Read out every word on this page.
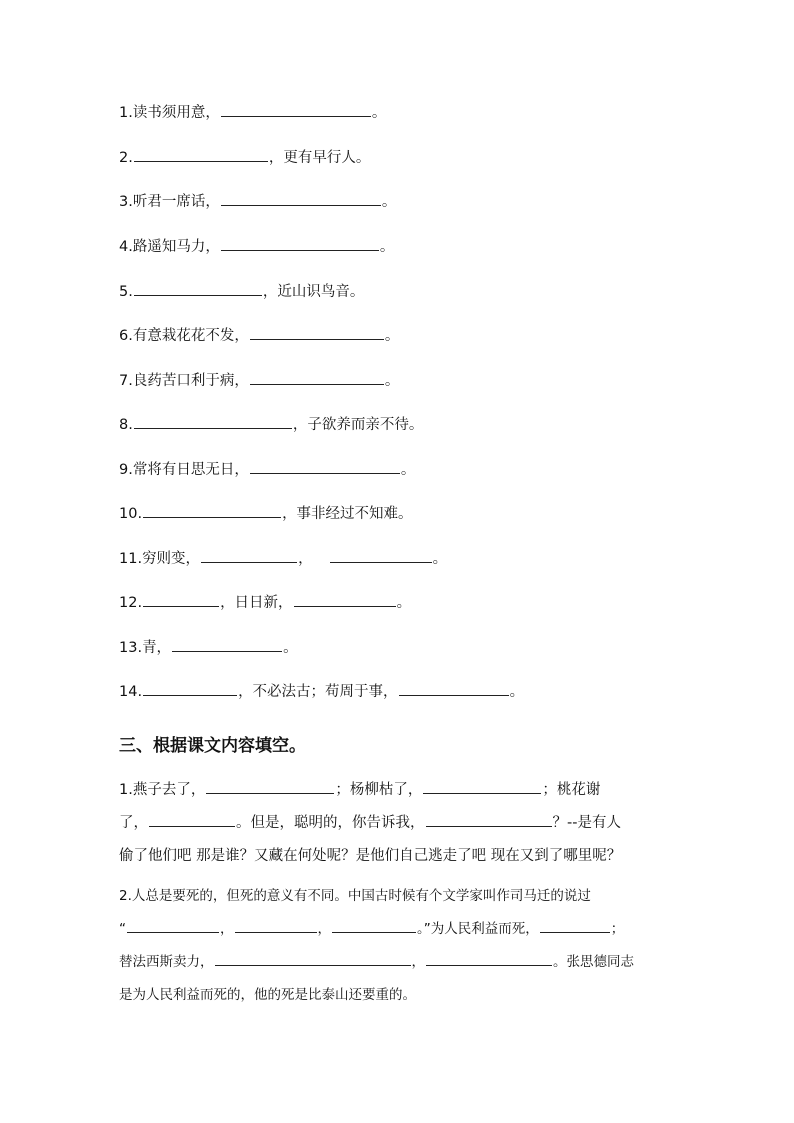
1.读书须用意，	。
2.	，更有早行人。
3.听君一席话，	。
4.路遥知马力，	。
5.	，近山识鸟音。
6.有意栽花花不发，	。
7.良药苦口利于病，	。
8.	，子欲养而亲不待。
9.常将有日思无日，	。
10.	，事非经过不知难。
11.穷则变，	，	。
12.	，日日新，	。
13.青，	。
14.	，不必法古；苟周于事，	。
三、根据课文内容填空。
1.燕子去了，	；杨柳枯了，	；桃花谢
了，	。但是，聪明的，你告诉我，	？--是有人
偷了他们吧 那是谁？又藏在何处呢？是他们自己逃走了吧 现在又到了哪里呢？
2.人总是要死的，但死的意义有不同。中国古时候有个文学家叫作司马迁的说过
“	，	，	。”为人民利益而死，	；
替法西斯卖力，	，	。张思德同志
是为人民利益而死的，他的死是比泰山还要重的。
